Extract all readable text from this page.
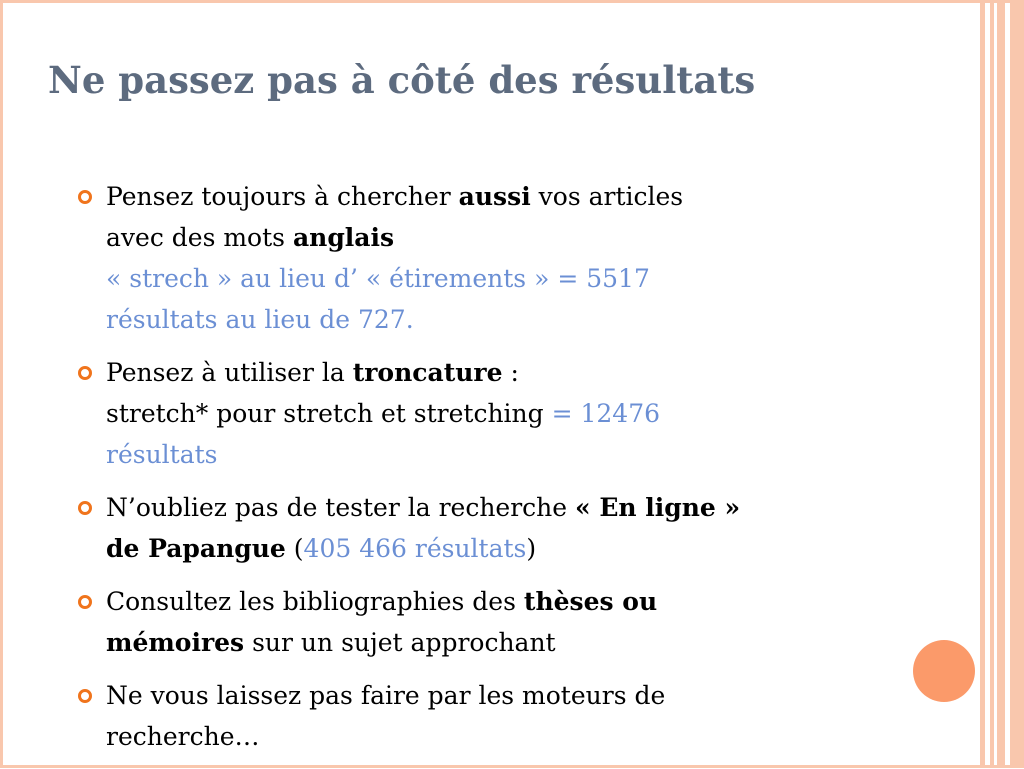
Ne passez pas à côté des résultats
Pensez toujours à chercher aussi vos articles
avec des mots anglais
« strech » au lieu d’ « étirements » = 5517
résultats au lieu de 727.
Pensez à utiliser la troncature :
stretch* pour stretch et stretching = 12476
résultats
N’oubliez pas de tester la recherche « En ligne »
de Papangue (405 466 résultats)
Consultez les bibliographies des thèses ou
mémoires sur un sujet approchant
Ne vous laissez pas faire par les moteurs de
recherche…
